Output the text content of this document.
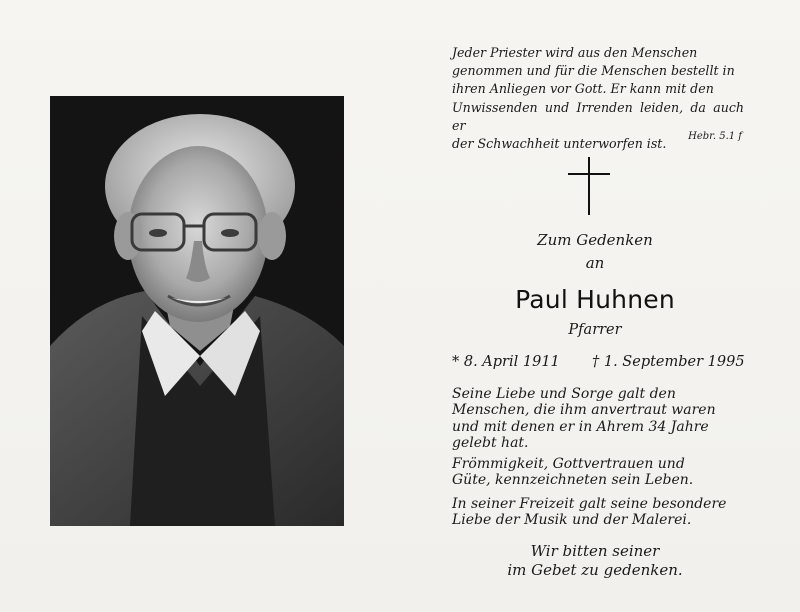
Jeder Priester wird aus den Menschen
genommen und für die Menschen bestellt in
ihren Anliegen vor Gott. Er kann mit den
Unwissenden und Irrenden leiden, da auch er
der Schwachheit unterworfen ist.	Hebr. 5.1 f
Zum Gedenken
an
Paul Huhnen
Pfarrer
* 8. April 1911 † 1. September 1995
Seine Liebe und Sorge galt den
Menschen, die ihm anvertraut waren
und mit denen er in Ahrem 34 Jahre
gelebt hat.
Frömmigkeit, Gottvertrauen und
Güte, kennzeichneten sein Leben.
In seiner Freizeit galt seine besondere
Liebe der Musik und der Malerei.
Wir bitten seiner
im Gebet zu gedenken.
